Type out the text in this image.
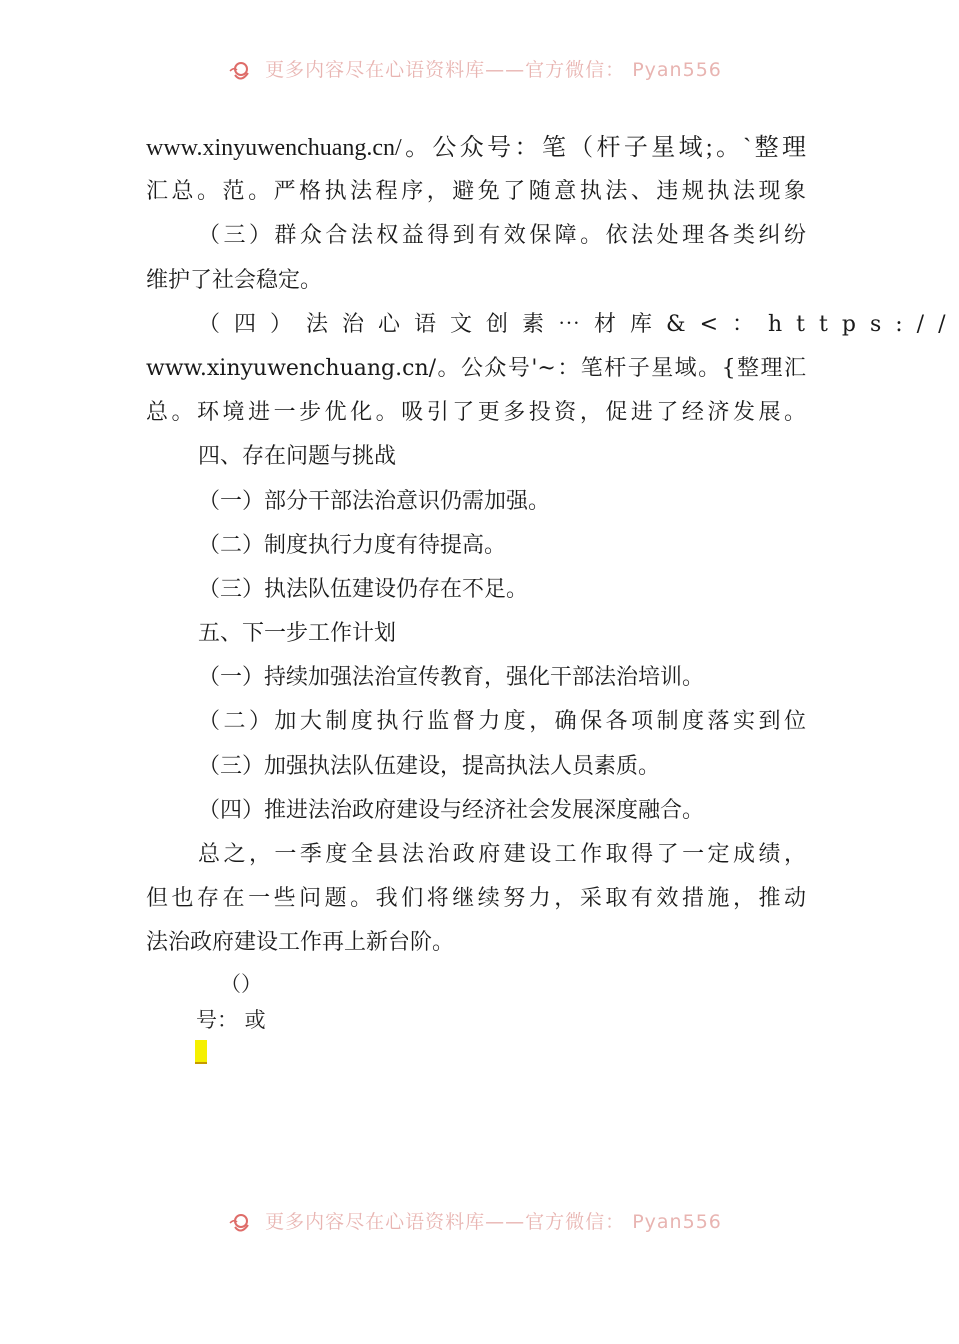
更多内容尽在心语资料库——官方微信： Pyan556
www.xinyuwenchuang.cn/。公众号：笔（杆子星域;。`整理
汇总。范。严格执法程序，避免了随意执法、违规执法现象
（三）群众合法权益得到有效保障。依法处理各类纠纷
维护了社会稳定。
（四）法治心语文创素⋯材库&<：https://
www.xinyuwenchuang.cn/。公众号'~：笔杆子星域。{整理汇
总。环境进一步优化。吸引了更多投资，促进了经济发展。
四、存在问题与挑战
（一）部分干部法治意识仍需加强。
（二）制度执行力度有待提高。
（三）执法队伍建设仍存在不足。
五、下一步工作计划
（一）持续加强法治宣传教育，强化干部法治培训。
（二）加大制度执行监督力度，确保各项制度落实到位
（三）加强执法队伍建设，提高执法人员素质。
（四）推进法治政府建设与经济社会发展深度融合。
总之，一季度全县法治政府建设工作取得了一定成绩，
但也存在一些问题。我们将继续努力，采取有效措施，推动
法治政府建设工作再上新台阶。
（）
号： 或

更多内容尽在心语资料库——官方微信： Pyan556
